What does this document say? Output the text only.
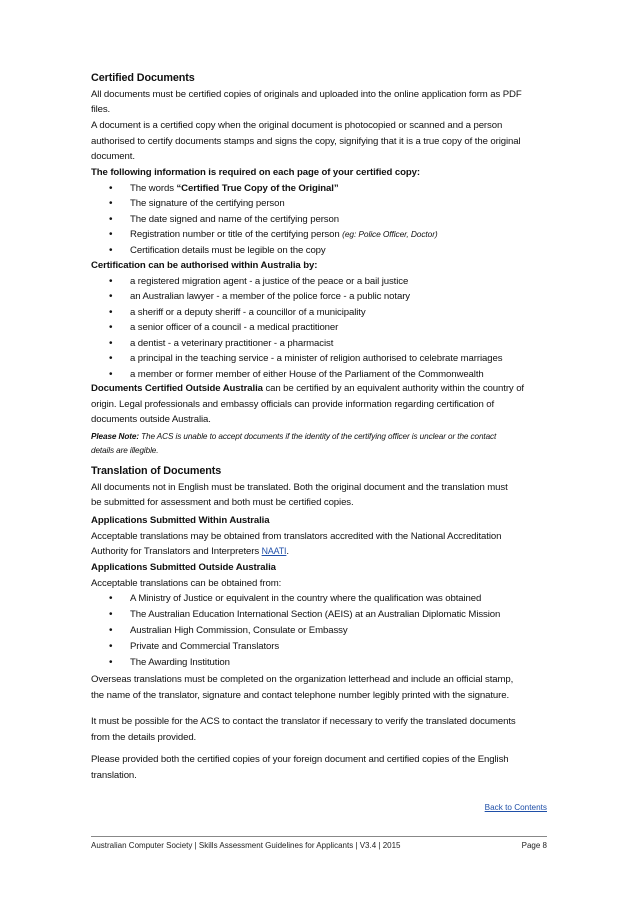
Certified Documents
All documents must be certified copies of originals and uploaded into the online application form as PDF
files.
A document is a certified copy when the original document is photocopied or scanned and a person
authorised to certify documents stamps and signs the copy, signifying that it is a true copy of the original
document.
The following information is required on each page of your certified copy:
• The words “Certified True Copy of the Original”
• The signature of the certifying person
• The date signed and name of the certifying person
• Registration number or title of the certifying person (eg: Police Officer, Doctor)
• Certification details must be legible on the copy
Certification can be authorised within Australia by:
• a registered migration agent - a justice of the peace or a bail justice
• an Australian lawyer - a member of the police force - a public notary
• a sheriff or a deputy sheriff - a councillor of a municipality
• a senior officer of a council - a medical practitioner
• a dentist - a veterinary practitioner - a pharmacist
• a principal in the teaching service - a minister of religion authorised to celebrate marriages
• a member or former member of either House of the Parliament of the Commonwealth
Documents Certified Outside Australia can be certified by an equivalent authority within the country of
origin. Legal professionals and embassy officials can provide information regarding certification of
documents outside Australia.
Please Note: The ACS is unable to accept documents if the identity of the certifying officer is unclear or the contact
details are illegible.
Translation of Documents
All documents not in English must be translated. Both the original document and the translation must
be submitted for assessment and both must be certified copies.
Applications Submitted Within Australia
Acceptable translations may be obtained from translators accredited with the National Accreditation
Authority for Translators and Interpreters NAATI.
Applications Submitted Outside Australia
Acceptable translations can be obtained from:
• A Ministry of Justice or equivalent in the country where the qualification was obtained
• The Australian Education International Section (AEIS) at an Australian Diplomatic Mission
• Australian High Commission, Consulate or Embassy
• Private and Commercial Translators
• The Awarding Institution
Overseas translations must be completed on the organization letterhead and include an official stamp,
the name of the translator, signature and contact telephone number legibly printed with the signature.
It must be possible for the ACS to contact the translator if necessary to verify the translated documents
from the details provided.
Please provided both the certified copies of your foreign document and certified copies of the English
translation.
Back to Contents
Australian Computer Society | Skills Assessment Guidelines for Applicants | V3.4 | 2015	Page 8
